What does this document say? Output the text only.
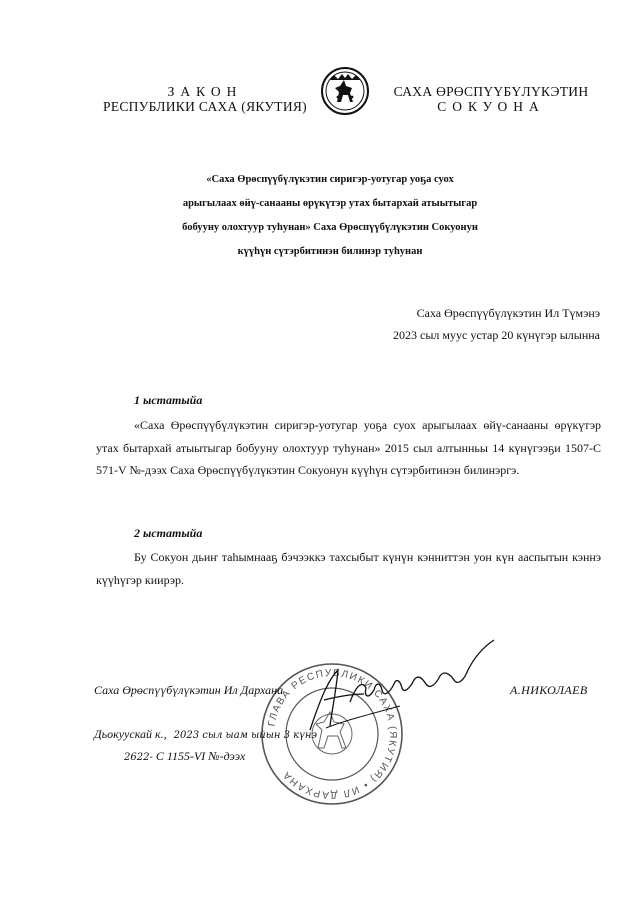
ЗАКОН
РЕСПУБЛИКИ САХА (ЯКУТИЯ)
САХА ӨРӨСПҮҮБҮЛҮКЭТИН
СОКУОНА
«Саха Өрөспүүбүлүкэтин сиригэр-уотугар уоҕа суох
арыгылаах өйү-санааны өрүкүтэр утах бытархай атыытыгар
бобууну олохтуур туһунан» Саха Өрөспүүбүлүкэтин Сокуонун
күүһүн сүтэрбитинэн билинэр туһунан
Саха Өрөспүүбүлүкэтин Ил Түмэнэ
2023 сыл муус устар 20 күнүгэр ылынна
1 ыстатыйа
«Саха Өрөспүүбүлүкэтин сиригэр-уотугар уоҕа суох арыгылаах өйү-санааны өрүкүтэр утах бытархай атыытыгар бобууну олохтуур туһунан» 2015 сыл алтынньы 14 күнүгээҕи 1507-С 571-V №-дээх Саха Өрөспүүбүлүкэтин Сокуонун күүһүн сүтэрбитинэн билинэргэ.
2 ыстатыйа
Бу Сокуон дьиҥ таһымнааҕ бэчээккэ тахсыбыт күнүн кэнниттэн уон күн ааспытын кэннэ күүһүгэр киирэр.
ГЛАВА РЕСПУБЛИКИ САХА (ЯКУТИЯ) • ИЛ ДАРХАНА
Саха Өрөспүүбүлүкэтин Ил Дархана	А.НИКОЛАЕВ
Дьокуускай к., 2023 сыл ыам ыйын 3 күнэ
2622- С 1155-VI №-дээх
